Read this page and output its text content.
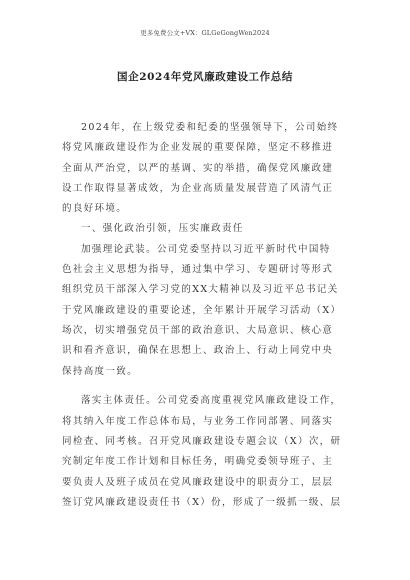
更多免费公文+VX：GLGeGongWen2024
国企2024年党风廉政建设工作总结
2024年，在上级党委和纪委的坚强领导下，公司始终
将党风廉政建设作为企业发展的重要保障，坚定不移推进
全面从严治党，以严的基调、实的举措，确保党风廉政建
设工作取得显著成效，为企业高质量发展营造了风清气正
的良好环境。
一、强化政治引领，压实廉政责任
加强理论武装。公司党委坚持以习近平新时代中国特
色社会主义思想为指导，通过集中学习、专题研讨等形式
组织党员干部深入学习党的XX大精神以及习近平总书记关
于党风廉政建设的重要论述，全年累计开展学习活动（X）
场次，切实增强党员干部的政治意识、大局意识、核心意
识和看齐意识，确保在思想上、政治上、行动上同党中央
保持高度一致。
落实主体责任。公司党委高度重视党风廉政建设工作，
将其纳入年度工作总体布局，与业务工作同部署、同落实
同检查、同考核。召开党风廉政建设专题会议（X）次，研
究制定年度工作计划和目标任务，明确党委领导班子、主
要负责人及班子成员在党风廉政建设中的职责分工，层层
签订党风廉政建设责任书（X）份，形成了一级抓一级、层
